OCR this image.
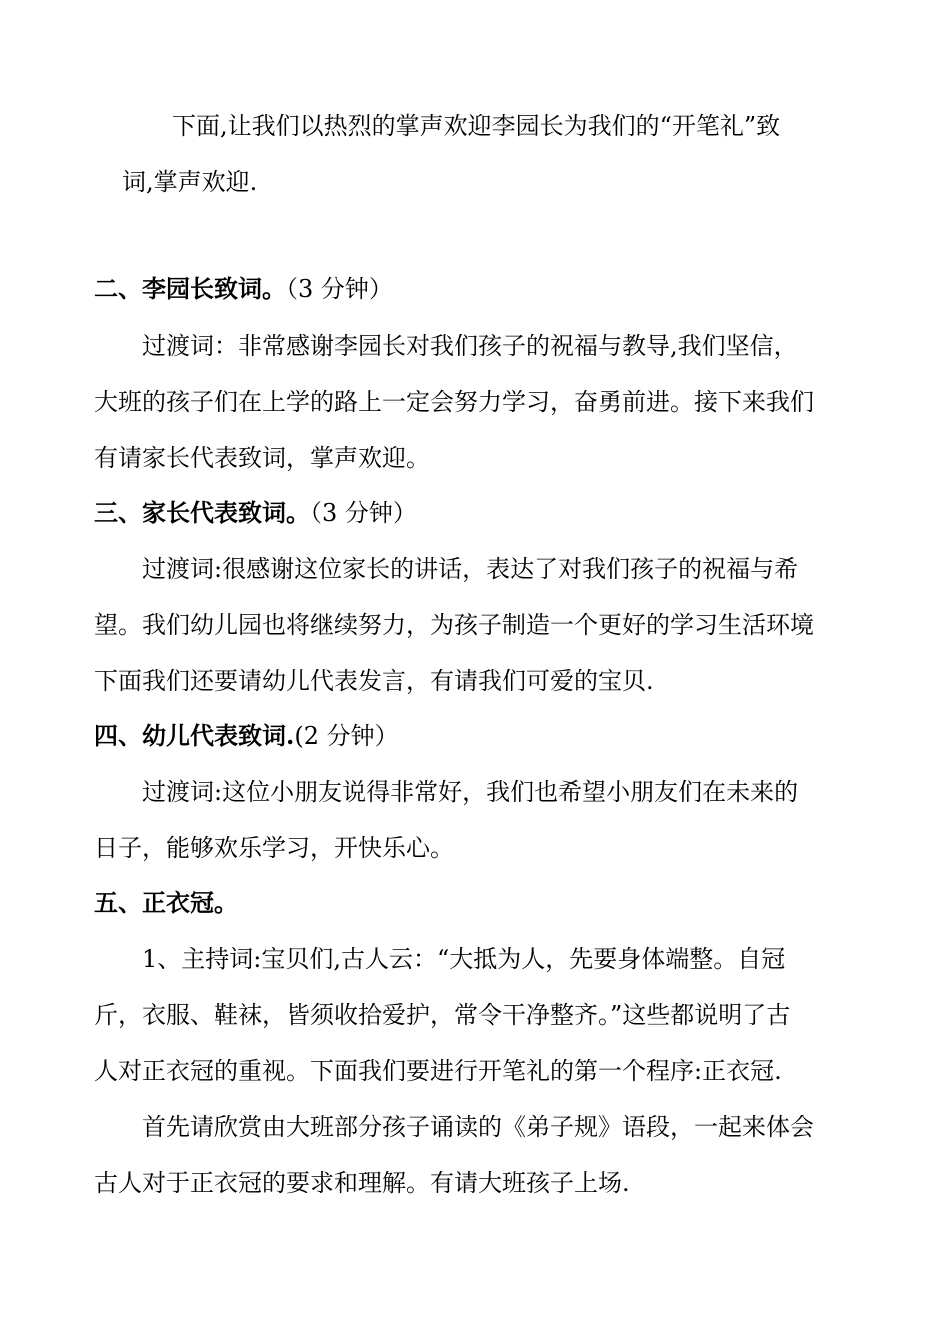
下面,让我们以热烈的掌声欢迎李园长为我们的“开笔礼”致
词,掌声欢迎.
二、李园长致词。（3 分钟）
过渡词：非常感谢李园长对我们孩子的祝福与教导,我们坚信，
大班的孩子们在上学的路上一定会努力学习，奋勇前进。接下来我们
有请家长代表致词，掌声欢迎。
三、家长代表致词。（3 分钟）
过渡词:很感谢这位家长的讲话，表达了对我们孩子的祝福与希
望。我们幼儿园也将继续努力，为孩子制造一个更好的学习生活环境
下面我们还要请幼儿代表发言，有请我们可爱的宝贝.
四、幼儿代表致词.(2 分钟）
过渡词:这位小朋友说得非常好，我们也希望小朋友们在未来的
日子，能够欢乐学习，开快乐心。
五、正衣冠。
1、主持词:宝贝们,古人云：“大抵为人，先要身体端整。自冠
斤，衣服、鞋袜，皆须收拾爱护，常令干净整齐。”这些都说明了古
人对正衣冠的重视。下面我们要进行开笔礼的第一个程序:正衣冠.
首先请欣赏由大班部分孩子诵读的《弟子规》语段，一起来体会
古人对于正衣冠的要求和理解。有请大班孩子上场.
